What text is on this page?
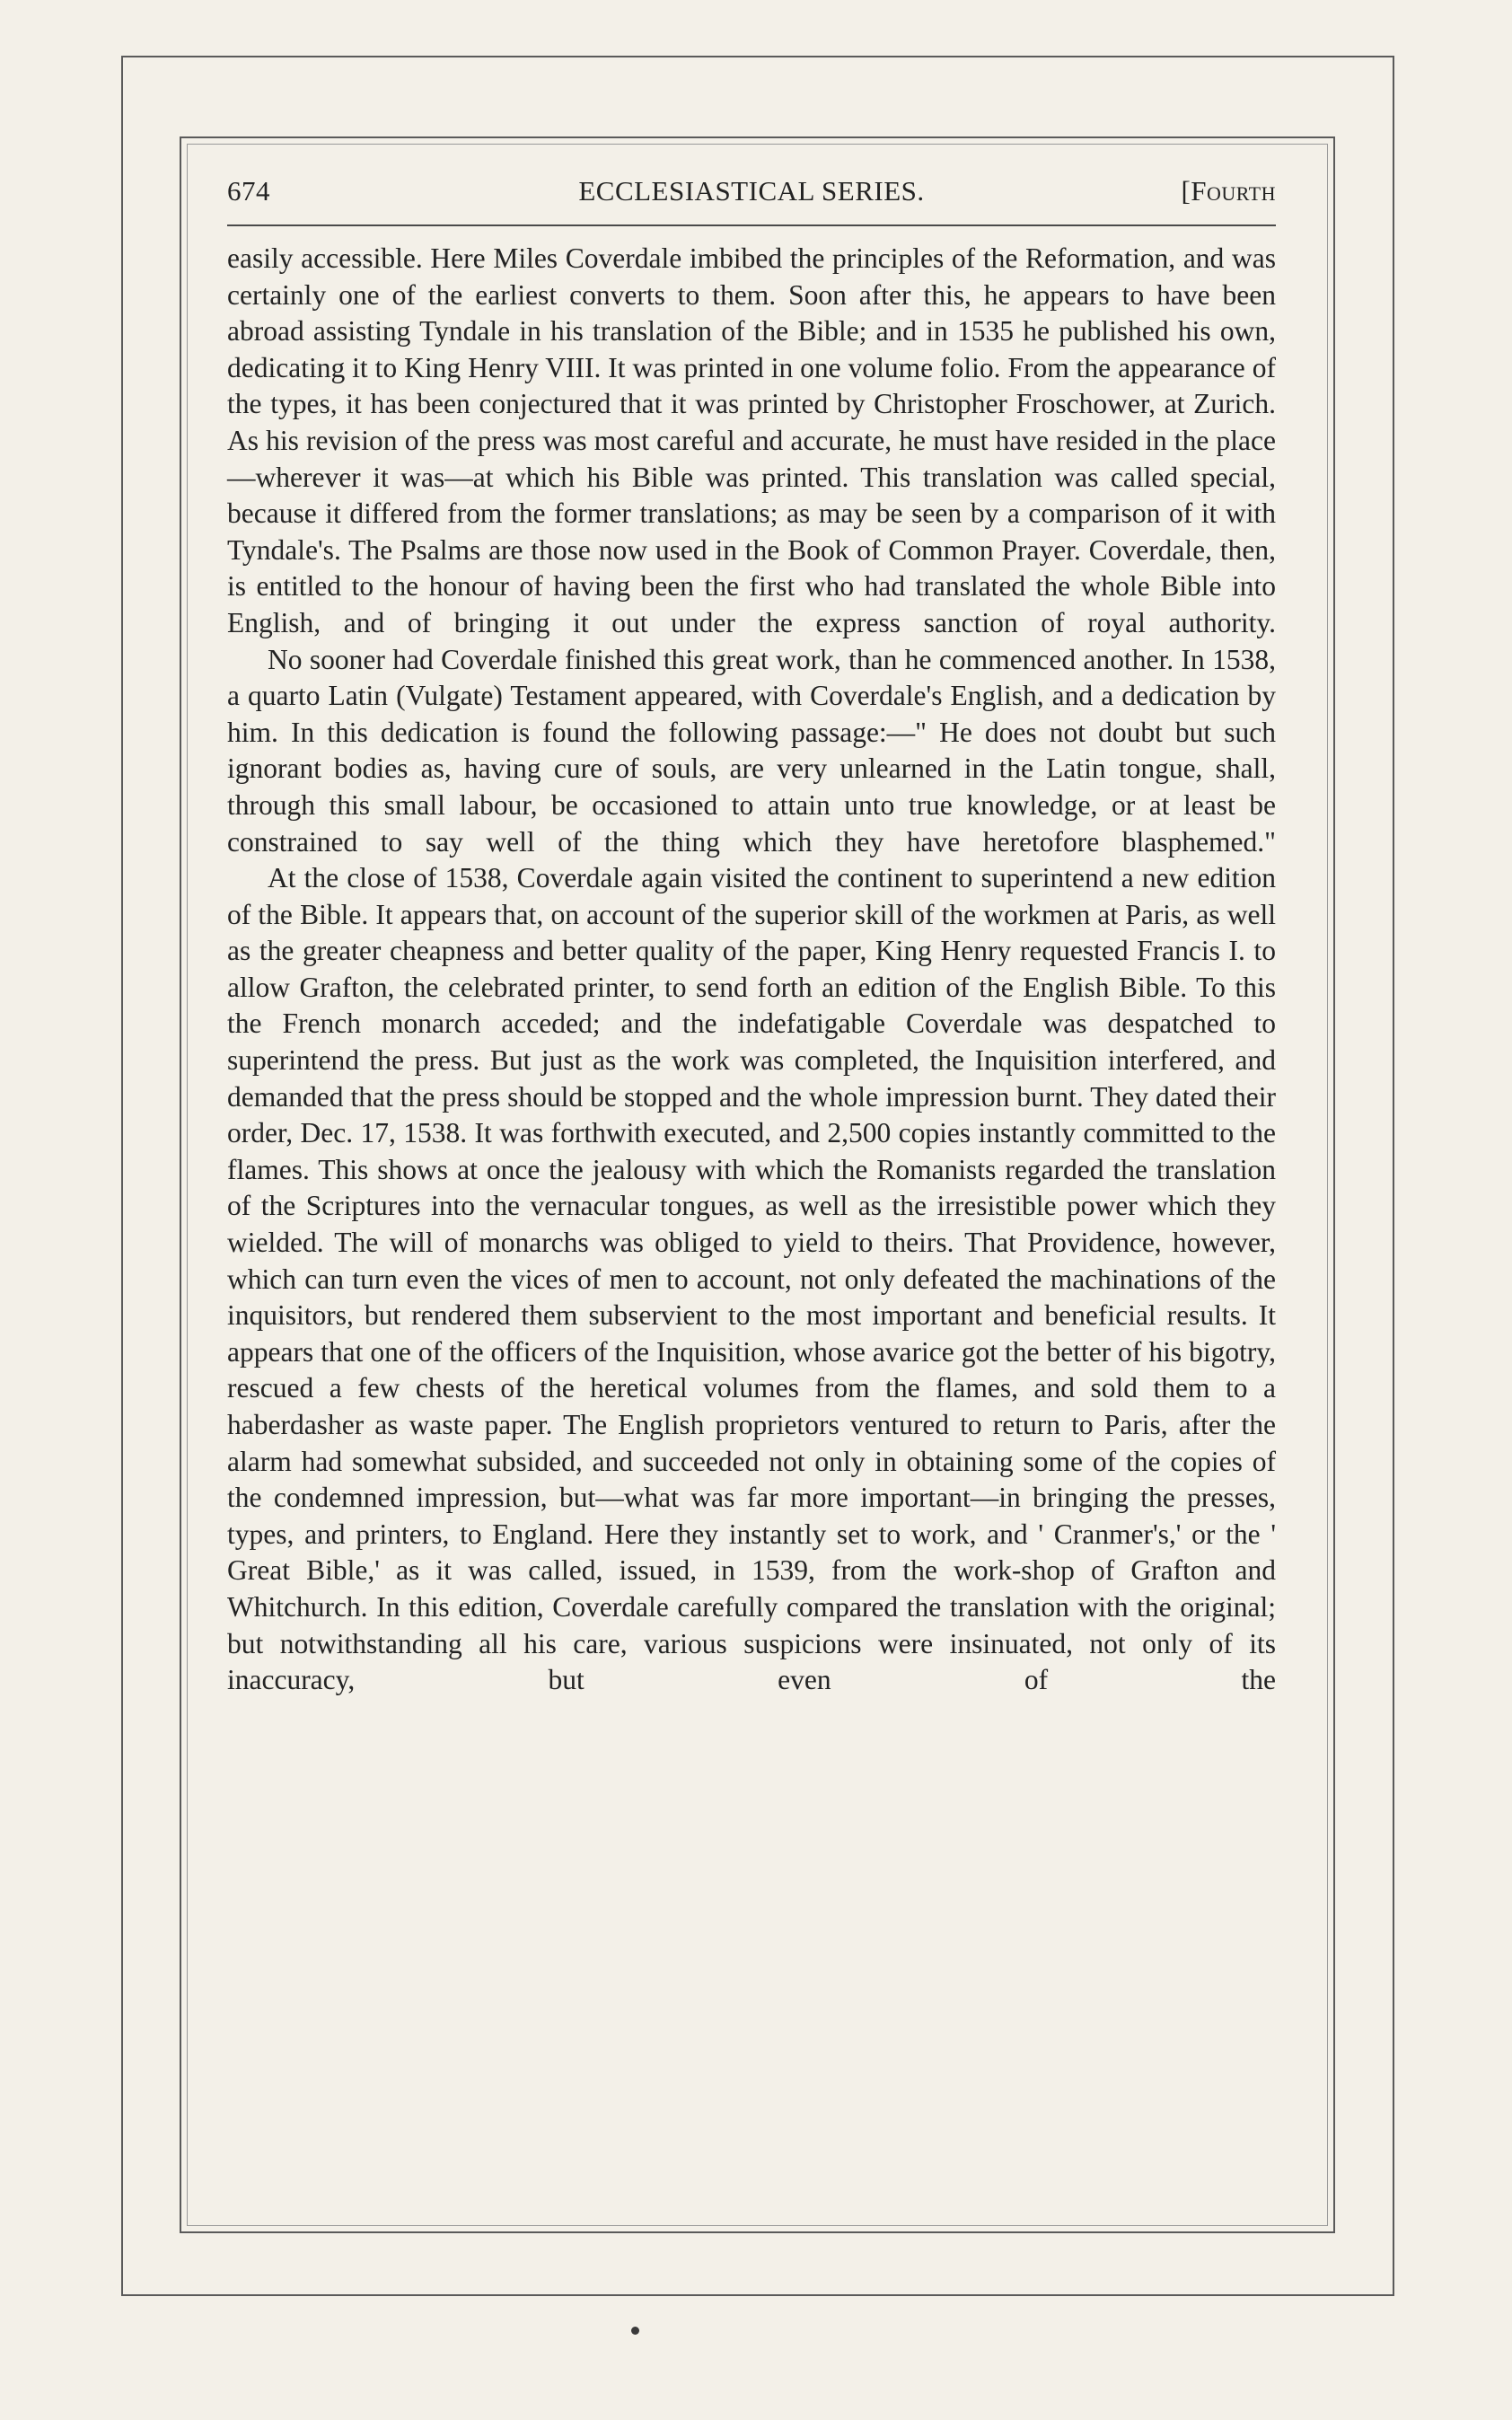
674	ECCLESIASTICAL SERIES.	[Fourth

easily accessible. Here Miles Coverdale imbibed the principles of the Reformation, and was certainly one of the earliest converts to them. Soon after this, he appears to have been abroad assisting Tyndale in his translation of the Bible; and in 1535 he published his own, dedicating it to King Henry VIII. It was printed in one volume folio. From the appearance of the types, it has been conjectured that it was printed by Christopher Froschower, at Zurich. As his revision of the press was most careful and accurate, he must have resided in the place —wherever it was—at which his Bible was printed. This translation was called special, because it differed from the former translations; as may be seen by a comparison of it with Tyndale's. The Psalms are those now used in the Book of Common Prayer. Coverdale, then, is entitled to the honour of having been the first who had translated the whole Bible into English, and of bringing it out under the express sanction of royal authority.

No sooner had Coverdale finished this great work, than he commenced another. In 1538, a quarto Latin (Vulgate) Testament appeared, with Coverdale's English, and a dedication by him. In this dedication is found the following passage:—" He does not doubt but such ignorant bodies as, having cure of souls, are very unlearned in the Latin tongue, shall, through this small labour, be occasioned to attain unto true knowledge, or at least be constrained to say well of the thing which they have heretofore blasphemed."

At the close of 1538, Coverdale again visited the continent to superintend a new edition of the Bible. It appears that, on account of the superior skill of the workmen at Paris, as well as the greater cheapness and better quality of the paper, King Henry requested Francis I. to allow Grafton, the celebrated printer, to send forth an edition of the English Bible. To this the French monarch acceded; and the indefatigable Coverdale was despatched to superintend the press. But just as the work was completed, the Inquisition interfered, and demanded that the press should be stopped and the whole impression burnt. They dated their order, Dec. 17, 1538. It was forthwith executed, and 2,500 copies instantly committed to the flames. This shows at once the jealousy with which the Romanists regarded the translation of the Scriptures into the vernacular tongues, as well as the irresistible power which they wielded. The will of monarchs was obliged to yield to theirs. That Providence, however, which can turn even the vices of men to account, not only defeated the machinations of the inquisitors, but rendered them subservient to the most important and beneficial results. It appears that one of the officers of the Inquisition, whose avarice got the better of his bigotry, rescued a few chests of the heretical volumes from the flames, and sold them to a haberdasher as waste paper. The English proprietors ventured to return to Paris, after the alarm had somewhat subsided, and succeeded not only in obtaining some of the copies of the condemned impression, but—what was far more important—in bringing the presses, types, and printers, to England. Here they instantly set to work, and ' Cranmer's,' or the ' Great Bible,' as it was called, issued, in 1539, from the work-shop of Grafton and Whitchurch. In this edition, Coverdale carefully compared the translation with the original; but notwithstanding all his care, various suspicions were insinuated, not only of its inaccuracy, but even of the
